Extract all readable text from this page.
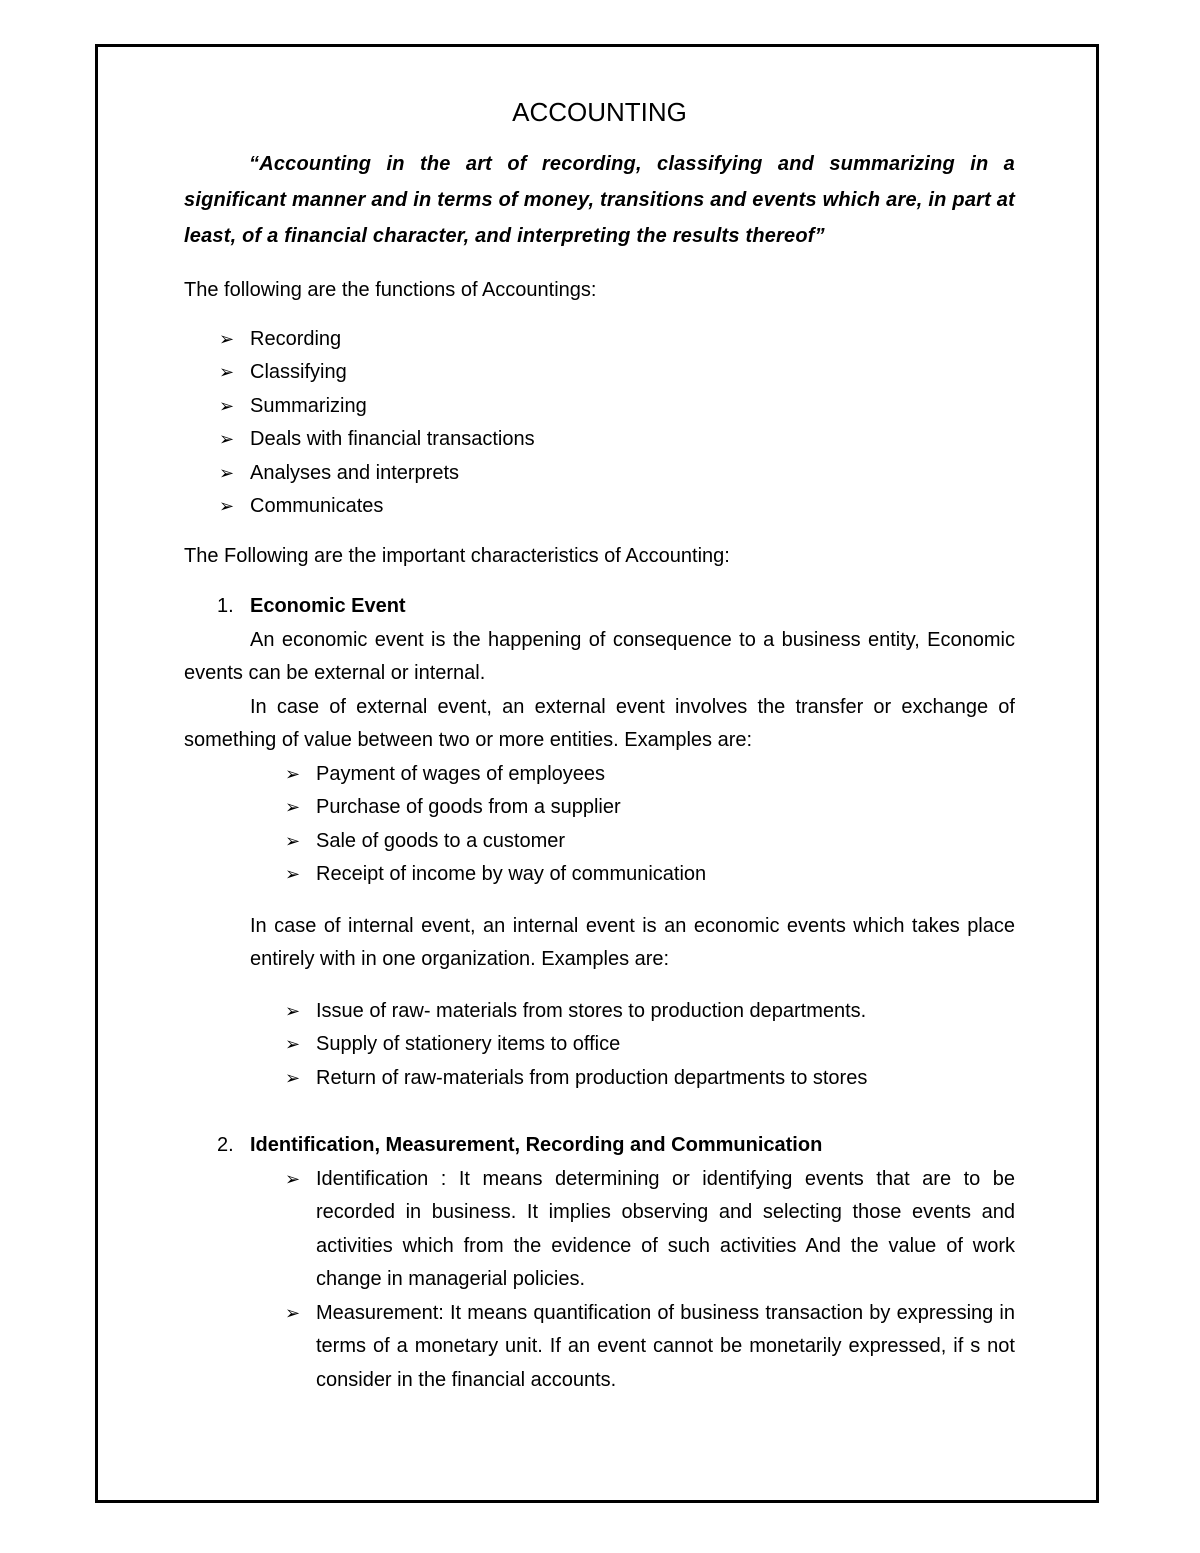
ACCOUNTING

“Accounting in the art of recording, classifying and summarizing in a significant manner and in terms of money, transitions and events which are, in part at least, of a financial character, and interpreting the results thereof”

The following are the functions of Accountings:

➢ Recording
➢ Classifying
➢ Summarizing
➢ Deals with financial transactions
➢ Analyses and interprets
➢ Communicates

The Following are the important characteristics of Accounting:

1. Economic Event

An economic event is the happening of consequence to a business entity, Economic events can be external or internal.

In case of external event, an external event involves the transfer or exchange of something of value between two or more entities. Examples are:

➢ Payment of wages of employees
➢ Purchase of goods from a supplier
➢ Sale of goods to a customer
➢ Receipt of income by way of communication

In case of internal event, an internal event is an economic events which takes place entirely with in one organization. Examples are:

➢ Issue of raw- materials from stores to production departments.
➢ Supply of stationery items to office
➢ Return of raw-materials from production departments to stores
2. Identification, Measurement, Recording and Communication
➢ Identification : It means determining or identifying events that are to be recorded in business. It implies observing and selecting those events and activities which from the evidence of such activities And the value of work change in managerial policies.
➢ Measurement: It means quantification of business transaction by expressing in terms of a monetary unit. If an event cannot be monetarily expressed, if s not consider in the financial accounts.
